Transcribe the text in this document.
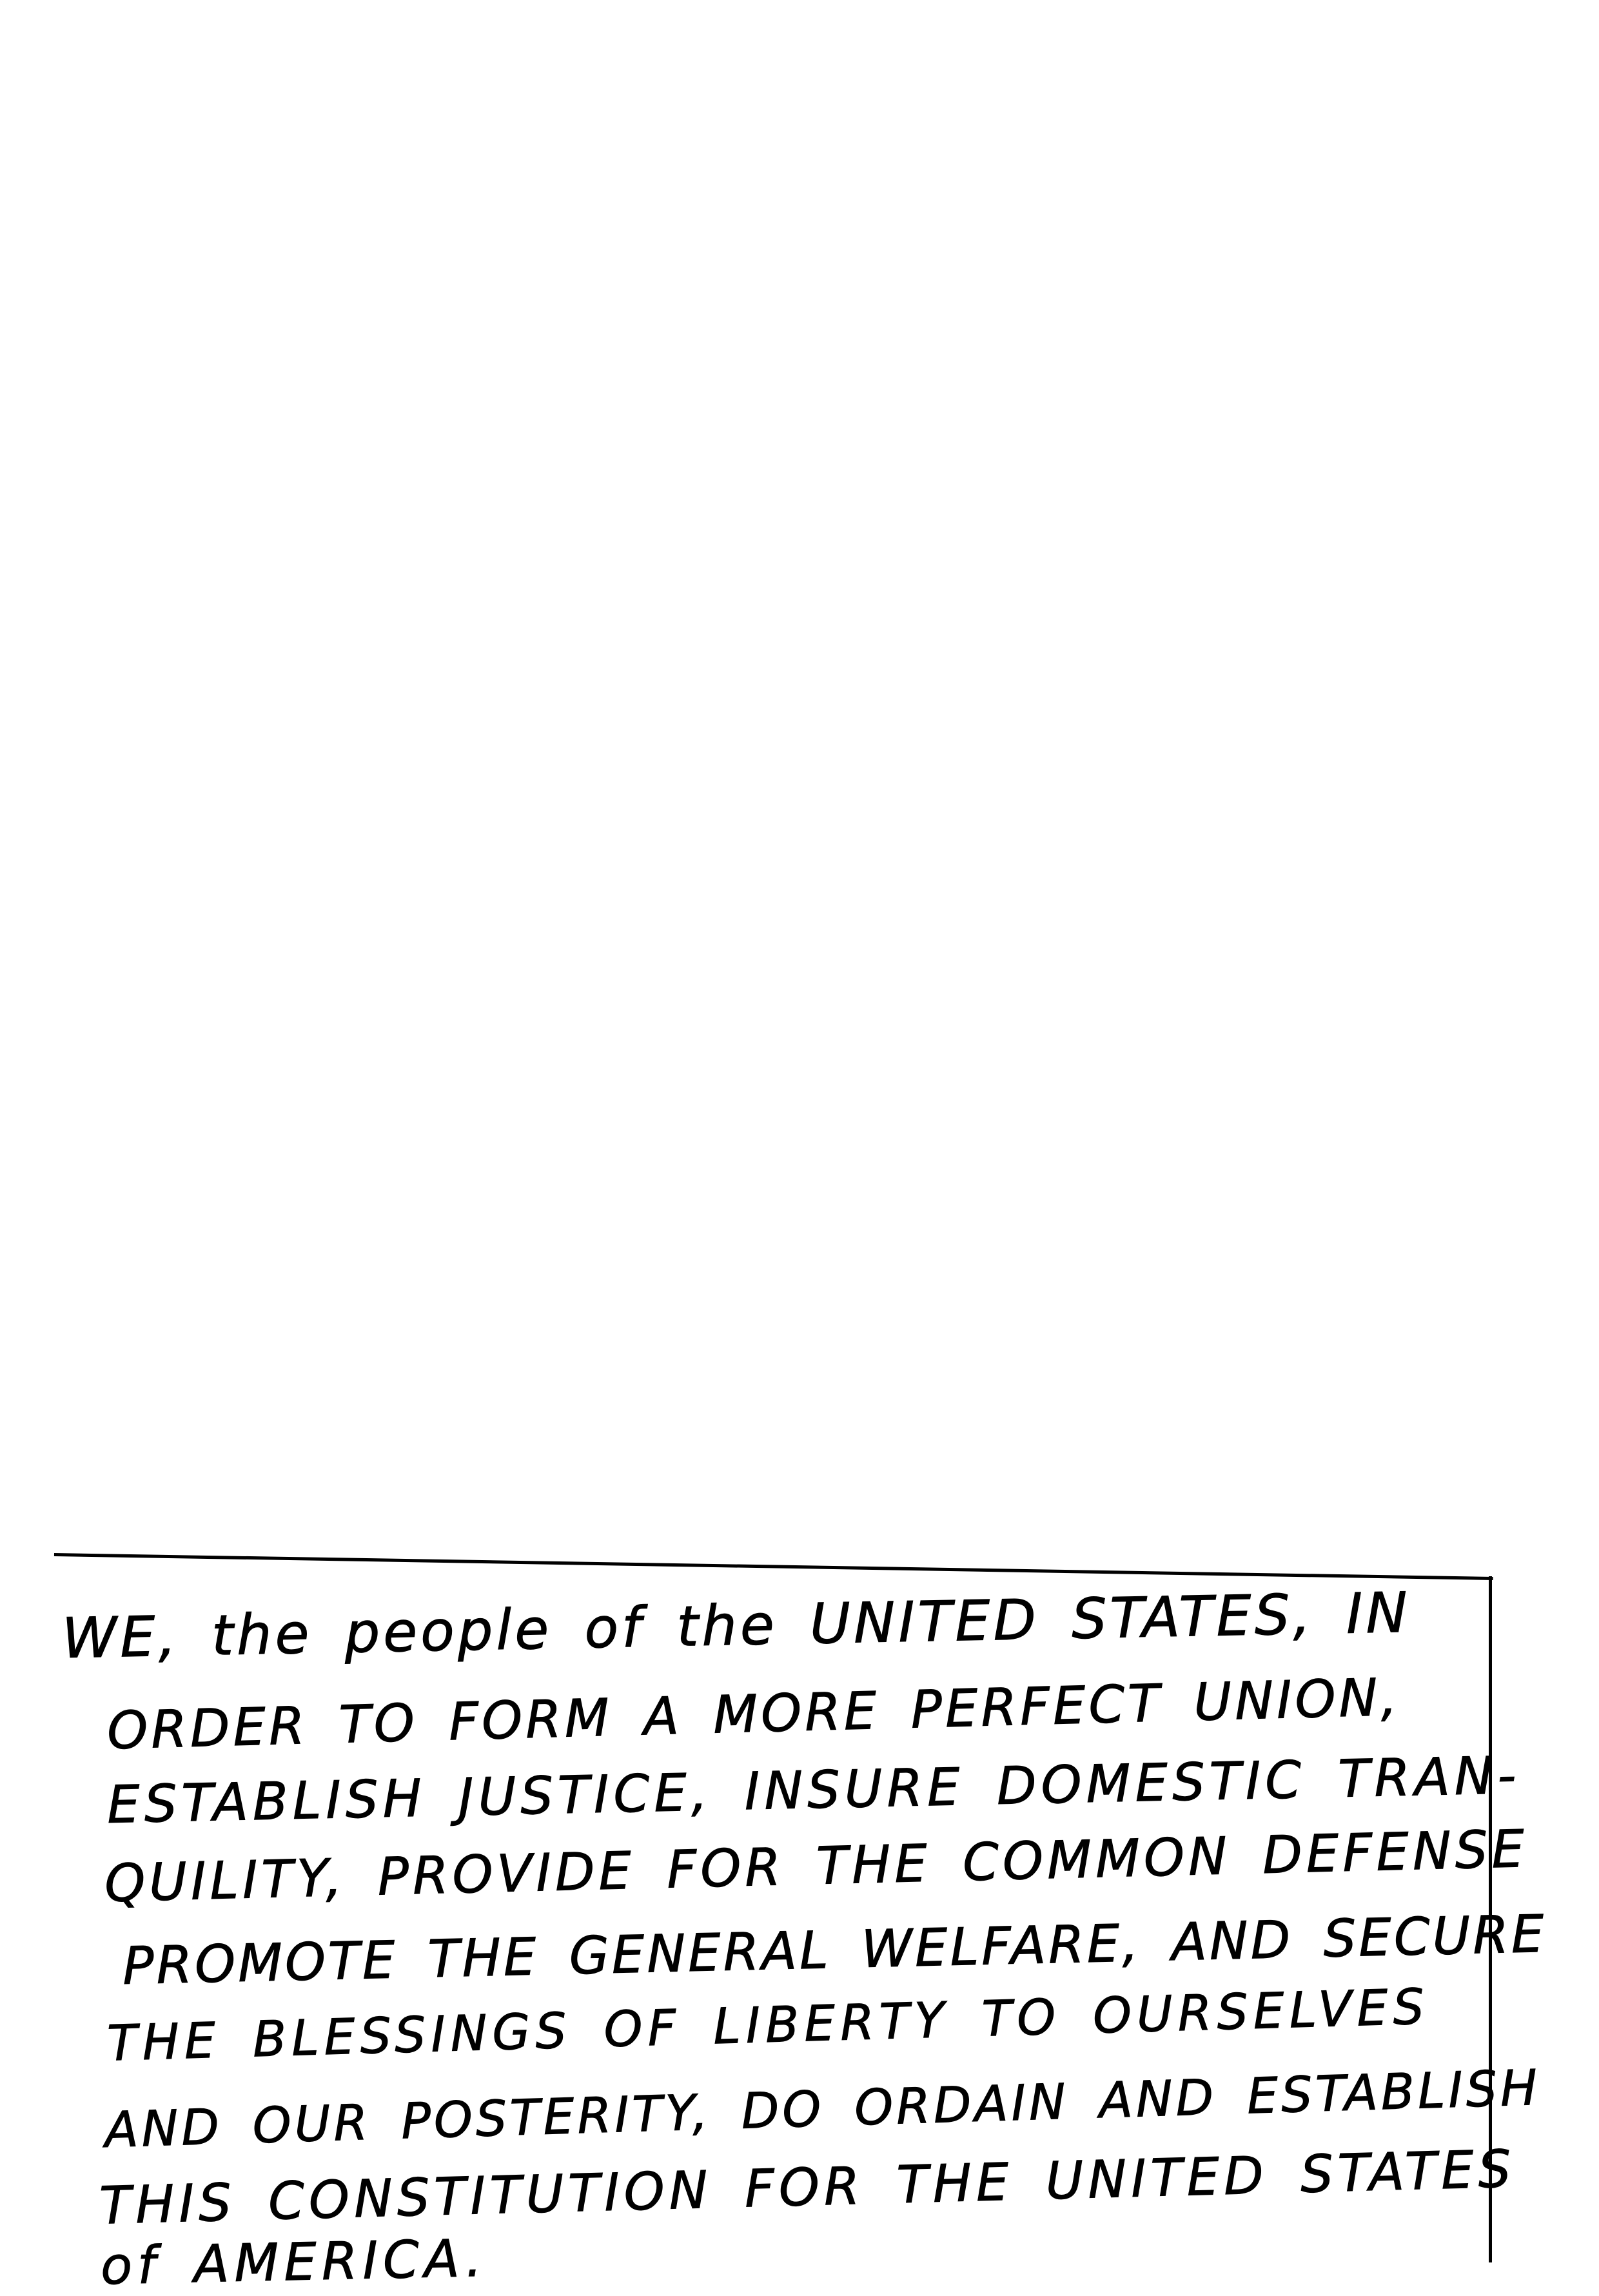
WE, the people of the UNITED STATES, IN
ORDER TO FORM A MORE PERFECT UNION,
ESTABLISH JUSTICE, INSURE DOMESTIC TRAN-
QUILITY, PROVIDE FOR THE COMMON DEFENSE
PROMOTE THE GENERAL WELFARE, AND SECURE
THE BLESSINGS OF LIBERTY TO OURSELVES
AND OUR POSTERITY, DO ORDAIN AND ESTABLISH
THIS CONSTITUTION FOR THE UNITED STATES
of AMERICA.
